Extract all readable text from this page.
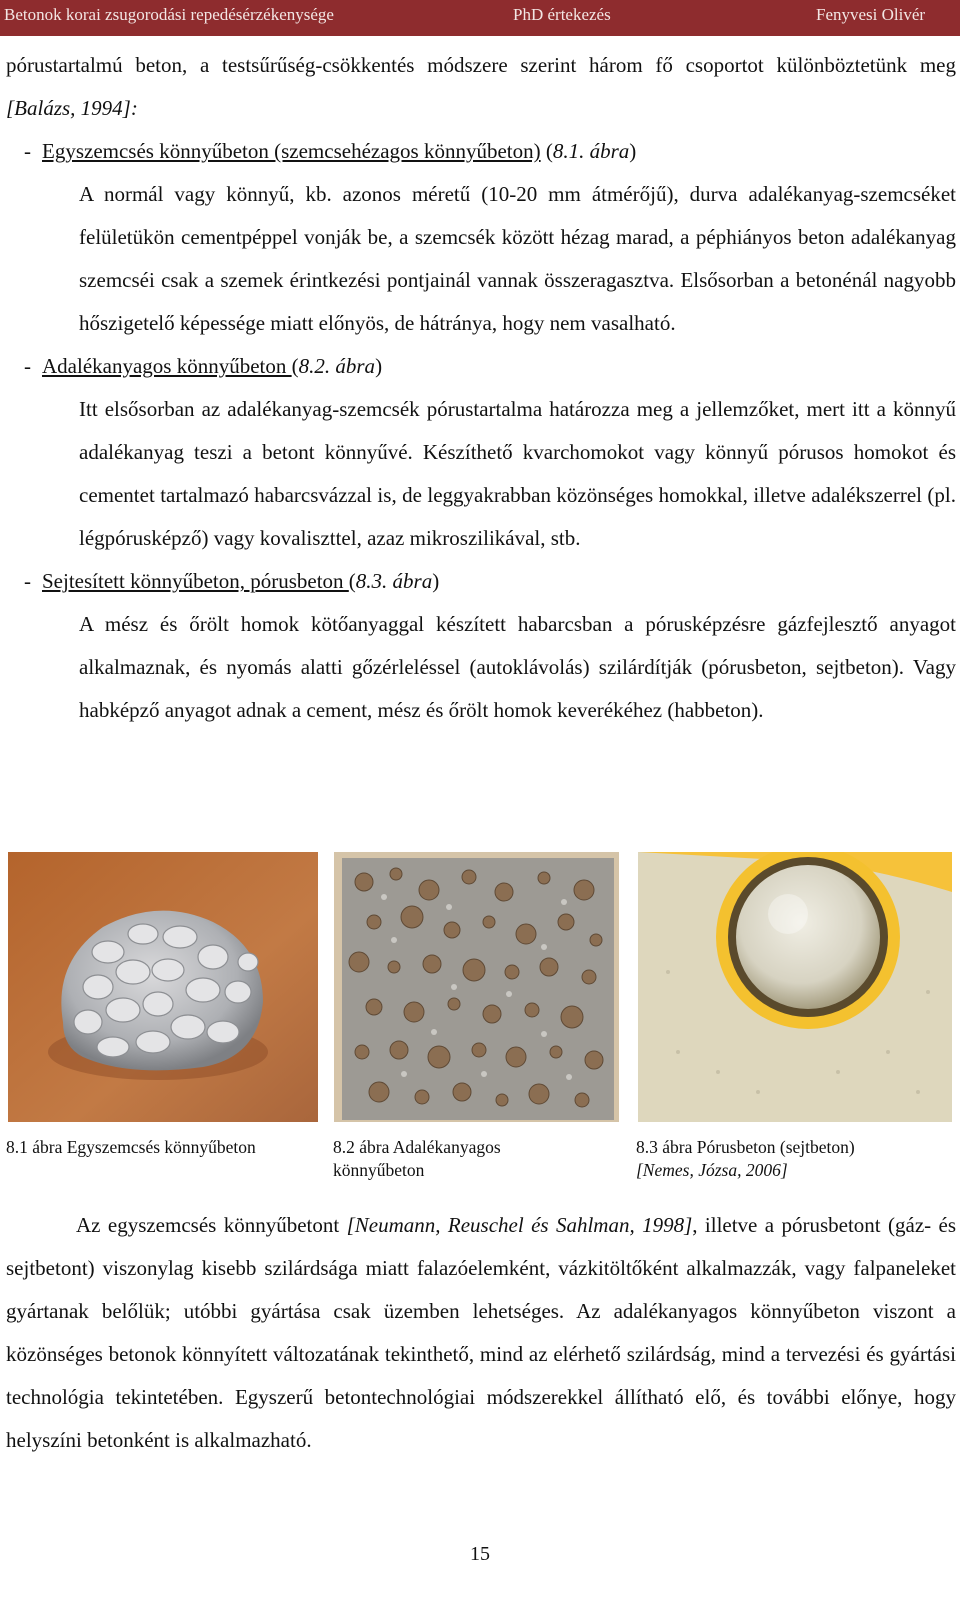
Betonok korai zsugorodási repedésérzékenysége	PhD értekezés	Fenyvesi Olivér

pórustartalmú beton, a testsűrűség-csökkentés módszere szerint három fő csoportot különböztetünk meg [Balázs, 1994]:

- Egyszemcsés könnyűbeton (szemcsehézagos könnyűbeton) (8.1. ábra)

A normál vagy könnyű, kb. azonos méretű (10-20 mm átmérőjű), durva adalékanyag-szemcséket felületükön cementpéppel vonják be, a szemcsék között hézag marad, a péphiányos beton adalékanyag szemcséi csak a szemek érintkezési pontjainál vannak összeragasztva. Elsősorban a betonénál nagyobb hőszigetelő képessége miatt előnyös, de hátránya, hogy nem vasalható.

- Adalékanyagos könnyűbeton (8.2. ábra)

Itt elsősorban az adalékanyag-szemcsék pórustartalma határozza meg a jellemzőket, mert itt a könnyű adalékanyag teszi a betont könnyűvé. Készíthető kvarchomokot vagy könnyű pórusos homokot és cementet tartalmazó habarcsvázzal is, de leggyakrabban közönséges homokkal, illetve adalékszerrel (pl. légpórusképző) vagy kovaliszttel, azaz mikroszilikával, stb.

- Sejtesített könnyűbeton, pórusbeton (8.3. ábra)

A mész és őrölt homok kötőanyaggal készített habarcsban a pórusképzésre gázfejlesztő anyagot alkalmaznak, és nyomás alatti gőzérleléssel (autoklávolás) szilárdítják (pórusbeton, sejtbeton). Vagy habképző anyagot adnak a cement, mész és őrölt homok keverékéhez (habbeton).

8.1 ábra Egyszemcsés könnyűbeton	8.2 ábra Adalékanyagos könnyűbeton
8.3 ábra Pórusbeton (sejtbeton)
[Nemes, Józsa, 2006]

Az egyszemcsés könnyűbetont [Neumann, Reuschel és Sahlman, 1998], illetve a pórusbetont (gáz- és sejtbetont) viszonylag kisebb szilárdsága miatt falazóelemként, vázkitöltőként alkalmazzák, vagy falpaneleket gyártanak belőlük; utóbbi gyártása csak üzemben lehetséges. Az adalékanyagos könnyűbeton viszont a közönséges betonok könnyített változatának tekinthető, mind az elérhető szilárdság, mind a tervezési és gyártási technológia tekintetében. Egyszerű betontechnológiai módszerekkel állítható elő, és további előnye, hogy helyszíni betonként is alkalmazható.

15
